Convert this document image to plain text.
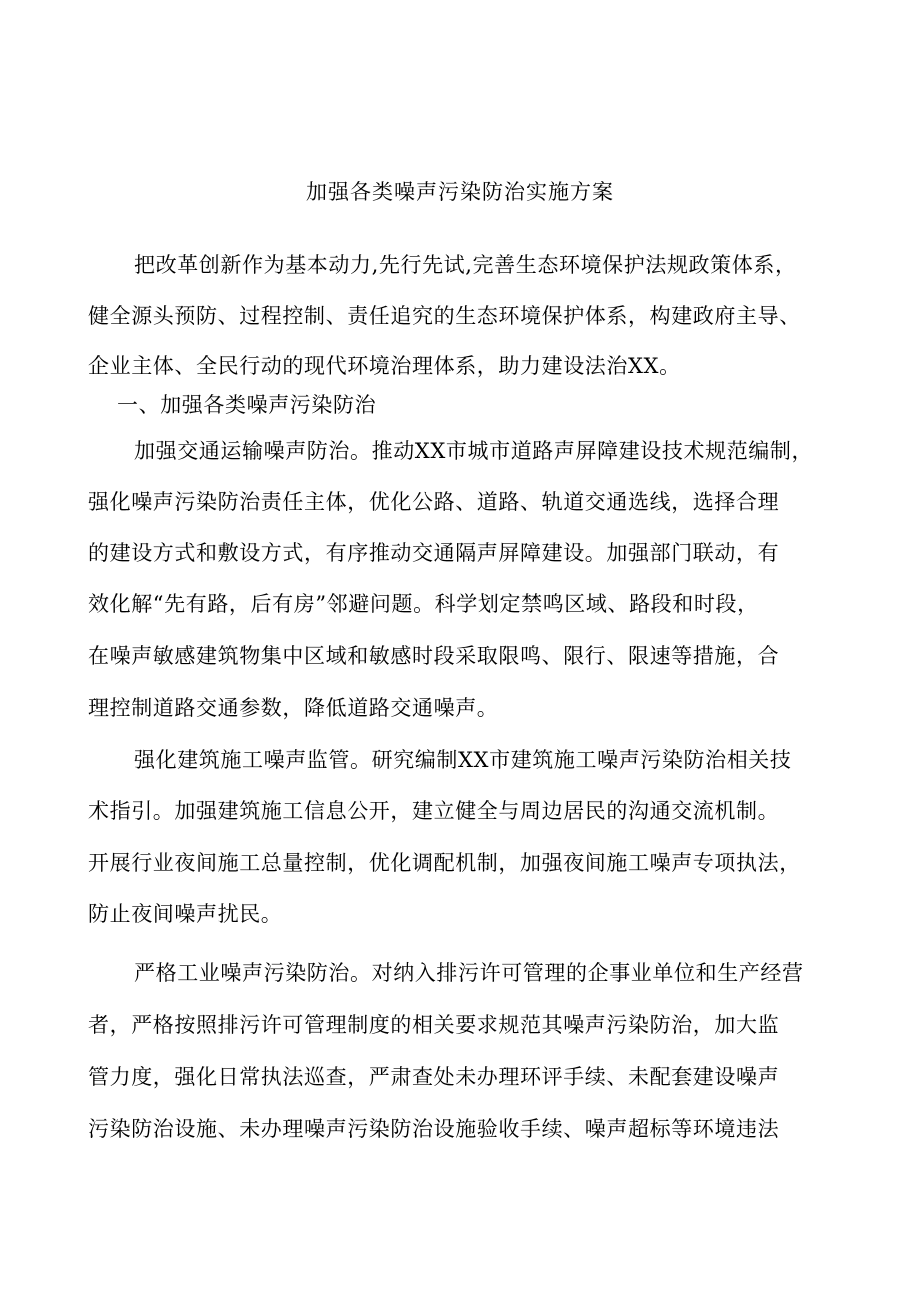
加强各类噪声污染防治实施方案
把改革创新作为基本动力,先行先试,完善生态环境保护法规政策体系，
健全源头预防、过程控制、责任追究的生态环境保护体系，构建政府主导、
企业主体、全民行动的现代环境治理体系，助力建设法治XX。
一、加强各类噪声污染防治
加强交通运输噪声防治。推动XX市城市道路声屏障建设技术规范编制，
强化噪声污染防治责任主体，优化公路、道路、轨道交通选线，选择合理
的建设方式和敷设方式，有序推动交通隔声屏障建设。加强部门联动，有
效化解“先有路，后有房”邻避问题。科学划定禁鸣区域、路段和时段，
在噪声敏感建筑物集中区域和敏感时段采取限鸣、限行、限速等措施，合
理控制道路交通参数，降低道路交通噪声。
强化建筑施工噪声监管。研究编制XX市建筑施工噪声污染防治相关技
术指引。加强建筑施工信息公开，建立健全与周边居民的沟通交流机制。
开展行业夜间施工总量控制，优化调配机制，加强夜间施工噪声专项执法，
防止夜间噪声扰民。
严格工业噪声污染防治。对纳入排污许可管理的企事业单位和生产经营
者，严格按照排污许可管理制度的相关要求规范其噪声污染防治，加大监
管力度，强化日常执法巡查，严肃查处未办理环评手续、未配套建设噪声
污染防治设施、未办理噪声污染防治设施验收手续、噪声超标等环境违法
